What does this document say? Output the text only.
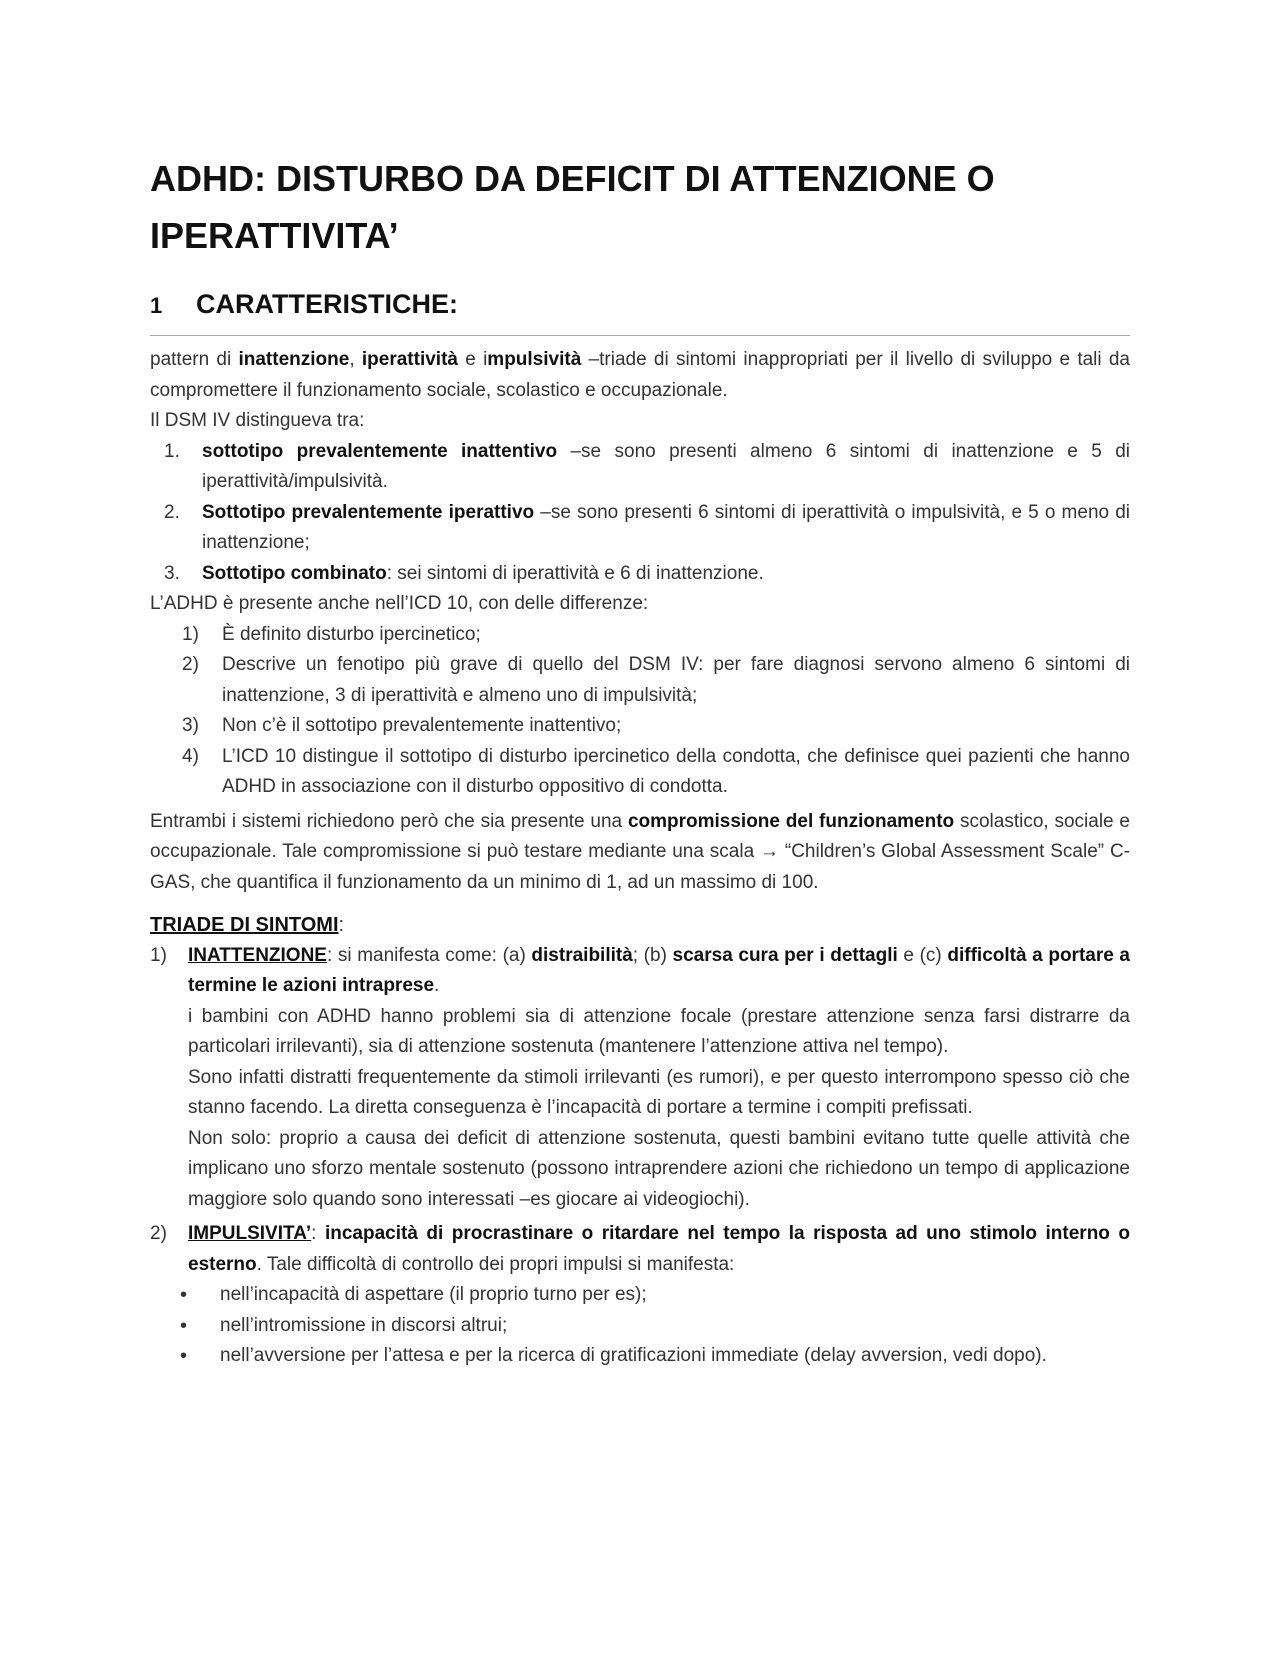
ADHD: DISTURBO DA DEFICIT DI ATTENZIONE O IPERATTIVITA’
1 CARATTERISTICHE:

pattern di inattenzione, iperattività e impulsività –triade di sintomi inappropriati per il livello di sviluppo e tali da compromettere il funzionamento sociale, scolastico e occupazionale.

Il DSM IV distingueva tra:

1.	sottotipo prevalentemente inattentivo –se sono presenti almeno 6 sintomi di inattenzione e 5 di iperattività/impulsività.
2.	Sottotipo prevalentemente iperattivo –se sono presenti 6 sintomi di iperattività o impulsività, e 5 o meno di inattenzione;
3.	Sottotipo combinato: sei sintomi di iperattività e 6 di inattenzione.

L’ADHD è presente anche nell’ICD 10, con delle differenze:

1)	È definito disturbo ipercinetico;
2)	Descrive un fenotipo più grave di quello del DSM IV: per fare diagnosi servono almeno 6 sintomi di inattenzione, 3 di iperattività e almeno uno di impulsività;
3)	Non c’è il sottotipo prevalentemente inattentivo;
4)	L’ICD 10 distingue il sottotipo di disturbo ipercinetico della condotta, che definisce quei pazienti che hanno ADHD in associazione con il disturbo oppositivo di condotta.

Entrambi i sistemi richiedono però che sia presente una compromissione del funzionamento scolastico, sociale e occupazionale. Tale compromissione si può testare mediante una scala → “Children’s Global Assessment Scale” C-GAS, che quantifica il funzionamento da un minimo di 1, ad un massimo di 100.

TRIADE DI SINTOMI:

1)	INATTENZIONE: si manifesta come: (a) distraibilità; (b) scarsa cura per i dettagli e (c) difficoltà a portare a termine le azioni intraprese.

i bambini con ADHD hanno problemi sia di attenzione focale (prestare attenzione senza farsi distrarre da particolari irrilevanti), sia di attenzione sostenuta (mantenere l’attenzione attiva nel tempo).

Sono infatti distratti frequentemente da stimoli irrilevanti (es rumori), e per questo interrompono spesso ciò che stanno facendo. La diretta conseguenza è l’incapacità di portare a termine i compiti prefissati.

Non solo: proprio a causa dei deficit di attenzione sostenuta, questi bambini evitano tutte quelle attività che implicano uno sforzo mentale sostenuto (possono intraprendere azioni che richiedono un tempo di applicazione maggiore solo quando sono interessati –es giocare ai videogiochi).

2)	IMPULSIVITA’: incapacità di procrastinare o ritardare nel tempo la risposta ad uno stimolo interno o esterno. Tale difficoltà di controllo dei propri impulsi si manifesta:

•	nell’incapacità di aspettare (il proprio turno per es);
•	nell’intromissione in discorsi altrui;
•	nell’avversione per l’attesa e per la ricerca di gratificazioni immediate (delay avversion, vedi dopo).
